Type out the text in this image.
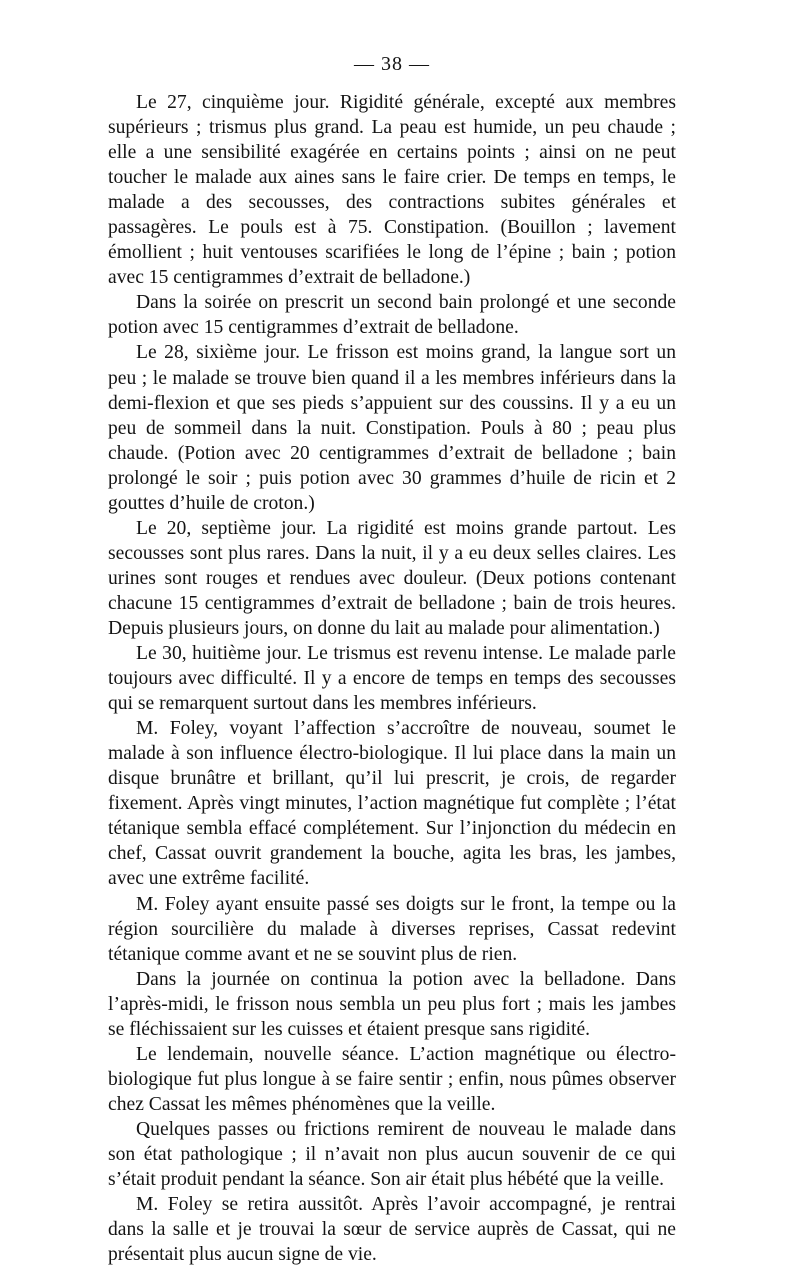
— 38 —

Le 27, cinquième jour. Rigidité générale, excepté aux membres supérieurs ; trismus plus grand. La peau est humide, un peu chaude ; elle a une sensibilité exagérée en certains points ; ainsi on ne peut toucher le malade aux aines sans le faire crier. De temps en temps, le malade a des secousses, des contractions subites générales et passagères. Le pouls est à 75. Constipation. (Bouillon ; lavement émollient ; huit ventouses scarifiées le long de l’épine ; bain ; potion avec 15 centigrammes d’extrait de belladone.)

Dans la soirée on prescrit un second bain prolongé et une seconde potion avec 15 centigrammes d’extrait de belladone.

Le 28, sixième jour. Le frisson est moins grand, la langue sort un peu ; le malade se trouve bien quand il a les membres inférieurs dans la demi-flexion et que ses pieds s’appuient sur des coussins. Il y a eu un peu de sommeil dans la nuit. Constipation. Pouls à 80 ; peau plus chaude. (Potion avec 20 centigrammes d’extrait de belladone ; bain prolongé le soir ; puis potion avec 30 grammes d’huile de ricin et 2 gouttes d’huile de croton.)

Le 20, septième jour. La rigidité est moins grande partout. Les secousses sont plus rares. Dans la nuit, il y a eu deux selles claires. Les urines sont rouges et rendues avec douleur. (Deux potions contenant chacune 15 centigrammes d’extrait de belladone ; bain de trois heures. Depuis plusieurs jours, on donne du lait au malade pour alimentation.)

Le 30, huitième jour. Le trismus est revenu intense. Le malade parle toujours avec difficulté. Il y a encore de temps en temps des secousses qui se remarquent surtout dans les membres inférieurs.

M. Foley, voyant l’affection s’accroître de nouveau, soumet le malade à son influence électro-biologique. Il lui place dans la main un disque brunâtre et brillant, qu’il lui prescrit, je crois, de regarder fixement. Après vingt minutes, l’action magnétique fut complète ; l’état tétanique sembla effacé complétement. Sur l’injonction du médecin en chef, Cassat ouvrit grandement la bouche, agita les bras, les jambes, avec une extrême facilité.

M. Foley ayant ensuite passé ses doigts sur le front, la tempe ou la région sourcilière du malade à diverses reprises, Cassat redevint tétanique comme avant et ne se souvint plus de rien.

Dans la journée on continua la potion avec la belladone. Dans l’après-midi, le frisson nous sembla un peu plus fort ; mais les jambes se fléchissaient sur les cuisses et étaient presque sans rigidité.

Le lendemain, nouvelle séance. L’action magnétique ou électro-biologique fut plus longue à se faire sentir ; enfin, nous pûmes observer chez Cassat les mêmes phénomènes que la veille.

Quelques passes ou frictions remirent de nouveau le malade dans son état pathologique ; il n’avait non plus aucun souvenir de ce qui s’était produit pendant la séance. Son air était plus hébété que la veille.

M. Foley se retira aussitôt. Après l’avoir accompagné, je rentrai dans la salle et je trouvai la sœur de service auprès de Cassat, qui ne présentait plus aucun signe de vie.
